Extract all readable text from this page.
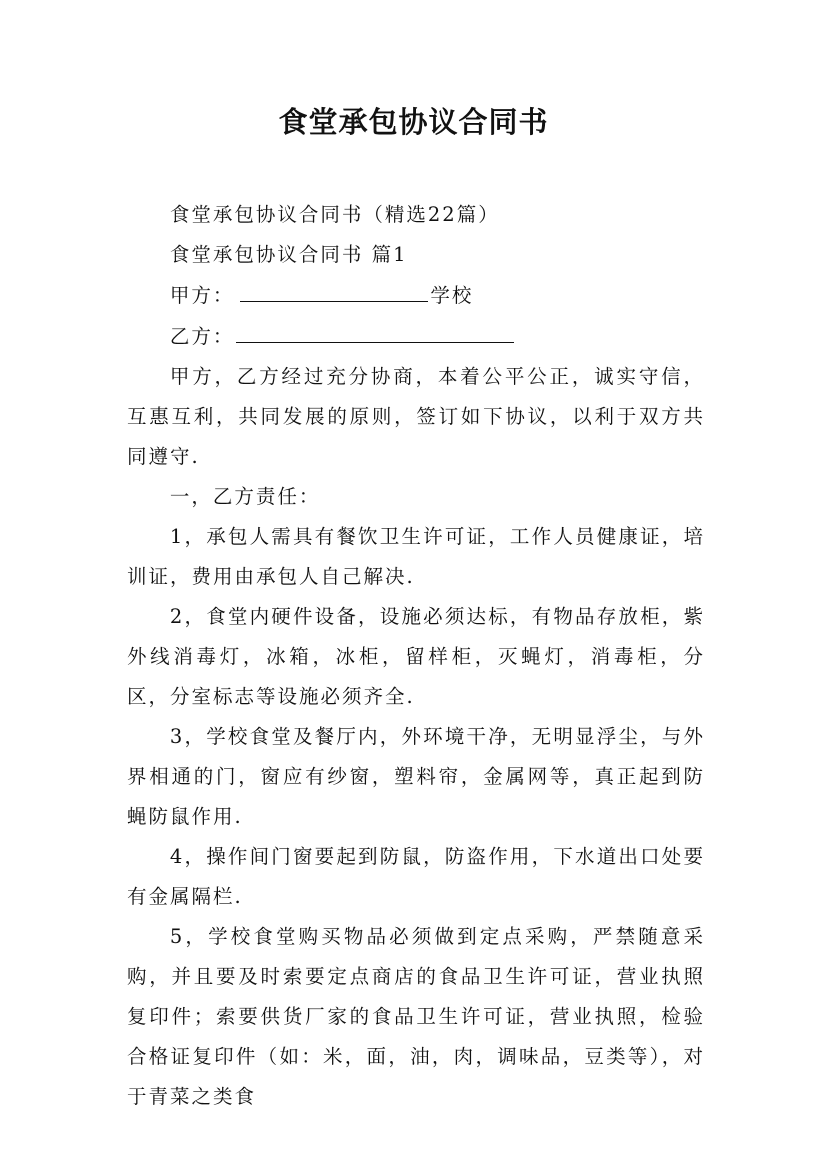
食堂承包协议合同书

食堂承包协议合同书（精选22篇）

食堂承包协议合同书 篇1

甲方：	学校

乙方：

甲方，乙方经过充分协商，本着公平公正，诚实守信，互惠互利，共同发展的原则，签订如下协议，以利于双方共同遵守.

一，乙方责任：

1，承包人需具有餐饮卫生许可证，工作人员健康证，培训证，费用由承包人自己解决.

2，食堂内硬件设备，设施必须达标，有物品存放柜，紫外线消毒灯，冰箱，冰柜，留样柜，灭蝇灯，消毒柜，分区，分室标志等设施必须齐全.

3，学校食堂及餐厅内，外环境干净，无明显浮尘，与外界相通的门，窗应有纱窗，塑料帘，金属网等，真正起到防蝇防鼠作用.

4，操作间门窗要起到防鼠，防盗作用，下水道出口处要有金属隔栏.

5，学校食堂购买物品必须做到定点采购，严禁随意采购，并且要及时索要定点商店的食品卫生许可证，营业执照复印件；索要供货厂家的食品卫生许可证，营业执照，检验合格证复印件（如：米，面，油，肉，调味品，豆类等），对于青菜之类食
